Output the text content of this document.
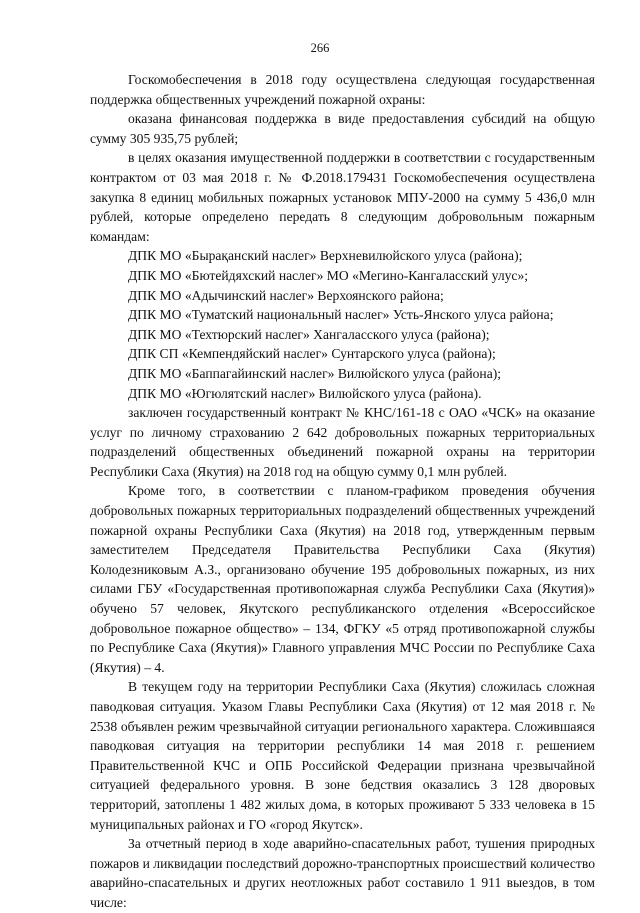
266

Госкомобеспечения в 2018 году осуществлена следующая государственная поддержка общественных учреждений пожарной охраны:

оказана финансовая поддержка в виде предоставления субсидий на общую сумму 305 935,75 рублей;

в целях оказания имущественной поддержки в соответствии с государственным контрактом от 03 мая 2018 г. № Ф.2018.179431 Госкомобеспечения осуществлена закупка 8 единиц мобильных пожарных установок МПУ-2000 на сумму 5 436,0 млн рублей, которые определено передать 8 следующим добровольным пожарным командам:

ДПК МО «Бырақанский наслег» Верхневилюйского улуса (района);

ДПК МО «Бютейдяхский наслег» МО «Мегино-Кангаласский улус»;

ДПК МО «Адычинский наслег» Верхоянского района;

ДПК МО «Туматский национальный наслег» Усть-Янского улуса района;

ДПК МО «Техтюрский наслег» Хангаласского улуса (района);

ДПК СП «Кемпендяйский наслег» Сунтарского улуса (района);

ДПК МО «Баппагайинский наслег» Вилюйского улуса (района);

ДПК МО «Югюлятский наслег» Вилюйского улуса (района).

заключен государственный контракт № КНС/161-18 с ОАО «ЧСК» на оказание услуг по личному страхованию 2 642 добровольных пожарных территориальных подразделений общественных объединений пожарной охраны на территории Республики Саха (Якутия) на 2018 год на общую сумму 0,1 млн рублей.

Кроме того, в соответствии с планом-графиком проведения обучения добровольных пожарных территориальных подразделений общественных учреждений пожарной охраны Республики Саха (Якутия) на 2018 год, утвержденным первым заместителем Председателя Правительства Республики Саха (Якутия) Колодезниковым А.З., организовано обучение 195 добровольных пожарных, из них силами ГБУ «Государственная противопожарная служба Республики Саха (Якутия)» обучено 57 человек, Якутского республиканского отделения «Всероссийское добровольное пожарное общество» – 134, ФГКУ «5 отряд противопожарной службы по Республике Саха (Якутия)» Главного управления МЧС России по Республике Саха (Якутия) – 4.

В текущем году на территории Республики Саха (Якутия) сложилась сложная паводковая ситуация. Указом Главы Республики Саха (Якутия) от 12 мая 2018 г. № 2538 объявлен режим чрезвычайной ситуации регионального характера. Сложившаяся паводковая ситуация на территории республики 14 мая 2018 г. решением Правительственной КЧС и ОПБ Российской Федерации признана чрезвычайной ситуацией федерального уровня. В зоне бедствия оказались 3 128 дворовых территорий, затоплены 1 482 жилых дома, в которых проживают 5 333 человека в 15 муниципальных районах и ГО «город Якутск».

За отчетный период в ходе аварийно-спасательных работ, тушения природных пожаров и ликвидации последствий дорожно-транспортных происшествий количество аварийно-спасательных и других неотложных работ составило 1 911 выездов, в том числе:
